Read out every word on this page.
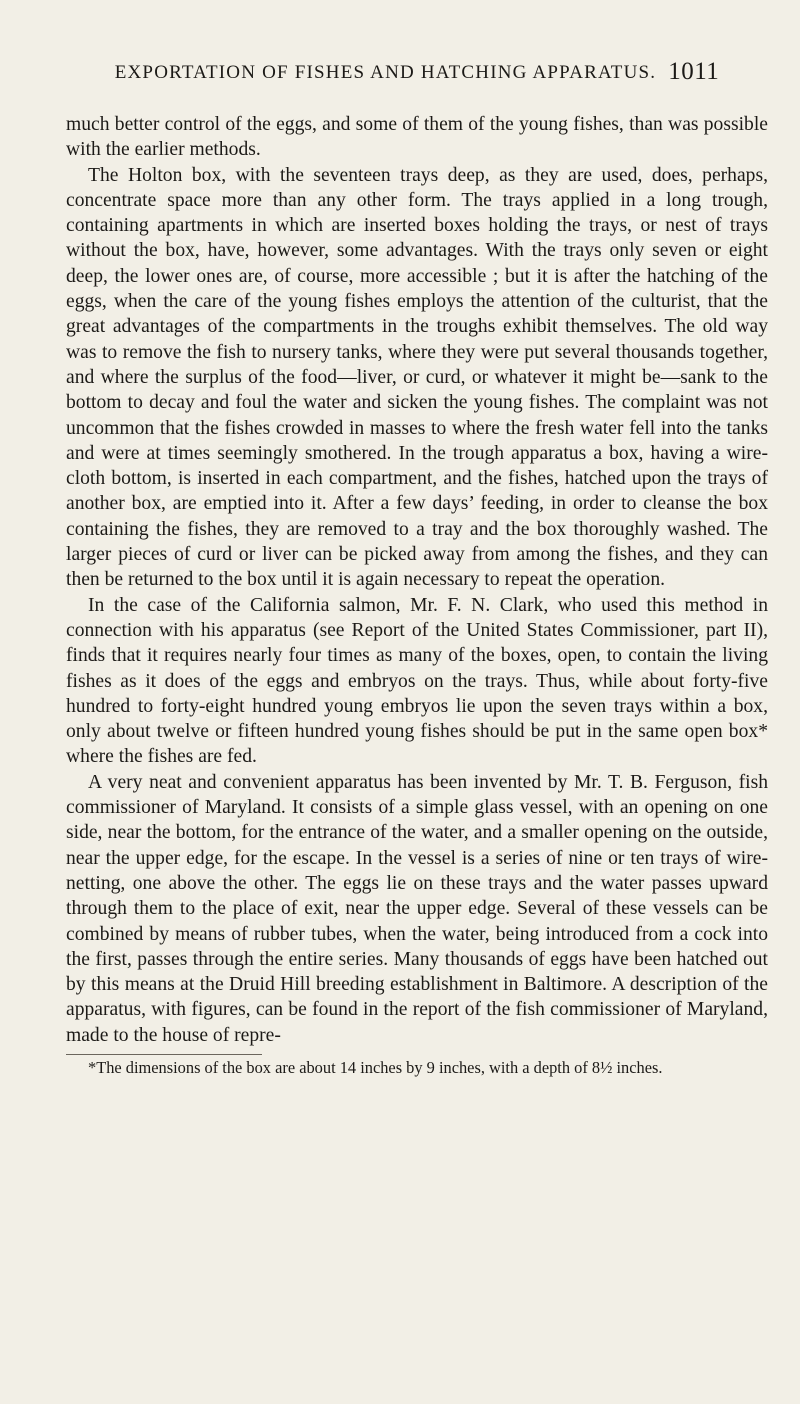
EXPORTATION OF FISHES AND HATCHING APPARATUS. 1011

much better control of the eggs, and some of them of the young fishes, than was possible with the earlier methods.

The Holton box, with the seventeen trays deep, as they are used, does, perhaps, concentrate space more than any other form. The trays applied in a long trough, containing apartments in which are inserted boxes holding the trays, or nest of trays without the box, have, however, some advantages. With the trays only seven or eight deep, the lower ones are, of course, more accessible ; but it is after the hatching of the eggs, when the care of the young fishes employs the attention of the culturist, that the great advantages of the compartments in the troughs exhibit themselves. The old way was to remove the fish to nursery tanks, where they were put several thousands together, and where the surplus of the food—liver, or curd, or whatever it might be—sank to the bottom to decay and foul the water and sicken the young fishes. The complaint was not uncommon that the fishes crowded in masses to where the fresh water fell into the tanks and were at times seemingly smothered. In the trough apparatus a box, having a wire-cloth bottom, is inserted in each compartment, and the fishes, hatched upon the trays of another box, are emptied into it. After a few days’ feeding, in order to cleanse the box containing the fishes, they are removed to a tray and the box thoroughly washed. The larger pieces of curd or liver can be picked away from among the fishes, and they can then be returned to the box until it is again necessary to repeat the operation.

In the case of the California salmon, Mr. F. N. Clark, who used this method in connection with his apparatus (see Report of the United States Commissioner, part II), finds that it requires nearly four times as many of the boxes, open, to contain the living fishes as it does of the eggs and embryos on the trays. Thus, while about forty-five hundred to forty-eight hundred young embryos lie upon the seven trays within a box, only about twelve or fifteen hundred young fishes should be put in the same open box* where the fishes are fed.

A very neat and convenient apparatus has been invented by Mr. T. B. Ferguson, fish commissioner of Maryland. It consists of a simple glass vessel, with an opening on one side, near the bottom, for the entrance of the water, and a smaller opening on the outside, near the upper edge, for the escape. In the vessel is a series of nine or ten trays of wire-netting, one above the other. The eggs lie on these trays and the water passes upward through them to the place of exit, near the upper edge. Several of these vessels can be combined by means of rubber tubes, when the water, being introduced from a cock into the first, passes through the entire series. Many thousands of eggs have been hatched out by this means at the Druid Hill breeding establishment in Baltimore. A description of the apparatus, with figures, can be found in the report of the fish commissioner of Maryland, made to the house of repre-

*The dimensions of the box are about 14 inches by 9 inches, with a depth of 8½ inches.
